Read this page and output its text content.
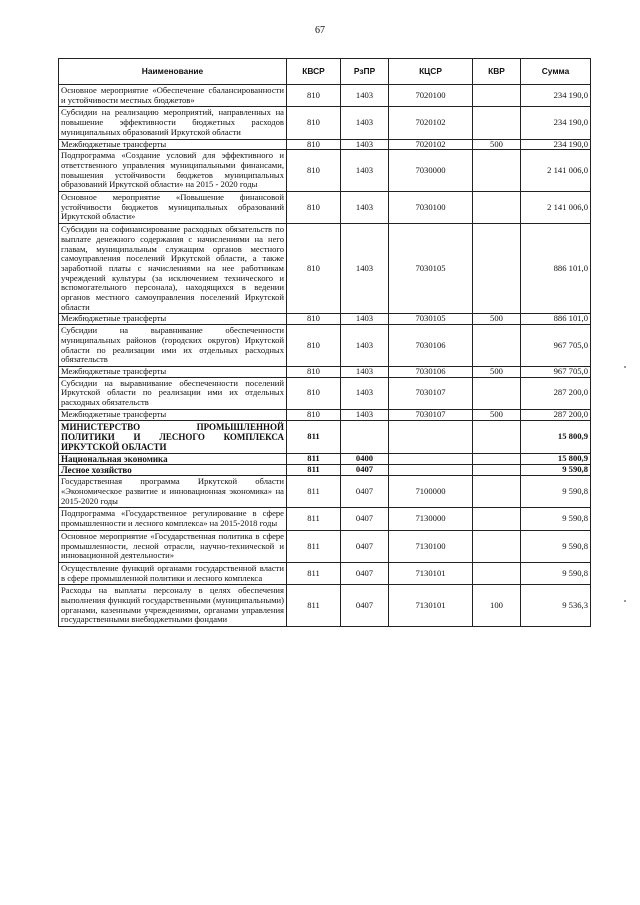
67
Наименование	КВСР	РзПР	КЦСР	КВР	Сумма
Основное мероприятие «Обеспечение сбалансированности и устойчивости местных бюджетов»	810	1403	7020100		234 190,0
Субсидии на реализацию мероприятий, направленных на повышение эффективности бюджетных расходов муниципальных образований Иркутской области	810	1403	7020102		234 190,0
Межбюджетные трансферты	810	1403	7020102	500	234 190,0
Подпрограмма «Создание условий для эффективного и ответственного управления муниципальными финансами, повышения устойчивости бюджетов муниципальных образований Иркутской области» на 2015 - 2020 годы	810	1403	7030000		2 141 006,0
Основное мероприятие «Повышение финансовой устойчивости бюджетов муниципальных образований Иркутской области»	810	1403	7030100		2 141 006,0
Субсидии на софинансирование расходных обязательств по выплате денежного содержания с начислениями на него главам, муниципальным служащим органов местного самоуправления поселений Иркутской области, а также заработной платы с начислениями на нее работникам учреждений культуры (за исключением технического и вспомогательного персонала), находящихся в ведении органов местного самоуправления поселений Иркутской области	810	1403	7030105		886 101,0
Межбюджетные трансферты	810	1403	7030105	500	886 101,0
Субсидии на выравнивание обеспеченности муниципальных районов (городских округов) Иркутской области по реализации ими их отдельных расходных обязательств	810	1403	7030106		967 705,0
Межбюджетные трансферты	810	1403	7030106	500	967 705,0
Субсидии на выравнивание обеспеченности поселений Иркутской области по реализации ими их отдельных расходных обязательств	810	1403	7030107		287 200,0
Межбюджетные трансферты	810	1403	7030107	500	287 200,0
МИНИСТЕРСТВО ПРОМЫШЛЕННОЙ ПОЛИТИКИ И ЛЕСНОГО КОМПЛЕКСА ИРКУТСКОЙ ОБЛАСТИ	811				15 800,9
Национальная экономика	811	0400			15 800,9
Лесное хозяйство	811	0407			9 590,8
Государственная программа Иркутской области «Экономическое развитие и инновационная экономика» на 2015-2020 годы	811	0407	7100000		9 590,8
Подпрограмма «Государственное регулирование в сфере промышленности и лесного комплекса» на 2015-2018 годы	811	0407	7130000		9 590,8
Основное мероприятие «Государственная политика в сфере промышленности, лесной отрасли, научно-технической и инновационной деятельности»	811	0407	7130100		9 590,8
Осуществление функций органами государственной власти в сфере промышленной политики и лесного комплекса	811	0407	7130101		9 590,8
Расходы на выплаты персоналу в целях обеспечения выполнения функций государственными (муниципальными) органами, казенными учреждениями, органами управления государственными внебюджетными фондами	811	0407	7130101	100	9 536,3
